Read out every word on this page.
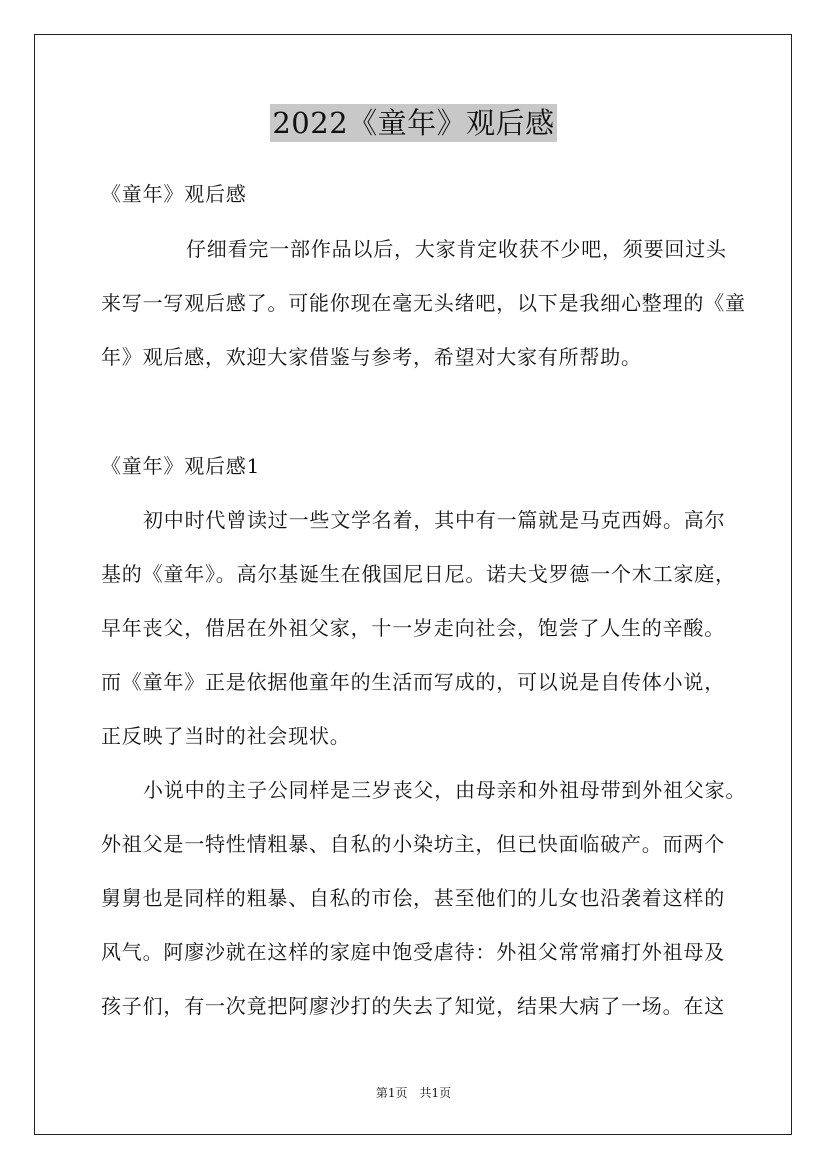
2022《童年》观后感
《童年》观后感
仔细看完一部作品以后，大家肯定收获不少吧，须要回过头
来写一写观后感了。可能你现在毫无头绪吧，以下是我细心整理的《童
年》观后感，欢迎大家借鉴与参考，希望对大家有所帮助。
《童年》观后感1
初中时代曾读过一些文学名着，其中有一篇就是马克西姆。高尔
基的《童年》。高尔基诞生在俄国尼日尼。诺夫戈罗德一个木工家庭，
早年丧父，借居在外祖父家，十一岁走向社会，饱尝了人生的辛酸。
而《童年》正是依据他童年的生活而写成的，可以说是自传体小说，
正反映了当时的社会现状。
小说中的主子公同样是三岁丧父，由母亲和外祖母带到外祖父家。
外祖父是一特性情粗暴、自私的小染坊主，但已快面临破产。而两个
舅舅也是同样的粗暴、自私的市侩，甚至他们的儿女也沿袭着这样的
风气。阿廖沙就在这样的家庭中饱受虐待：外祖父常常痛打外祖母及
孩子们，有一次竟把阿廖沙打的失去了知觉，结果大病了一场。在这
第1页　共1页
